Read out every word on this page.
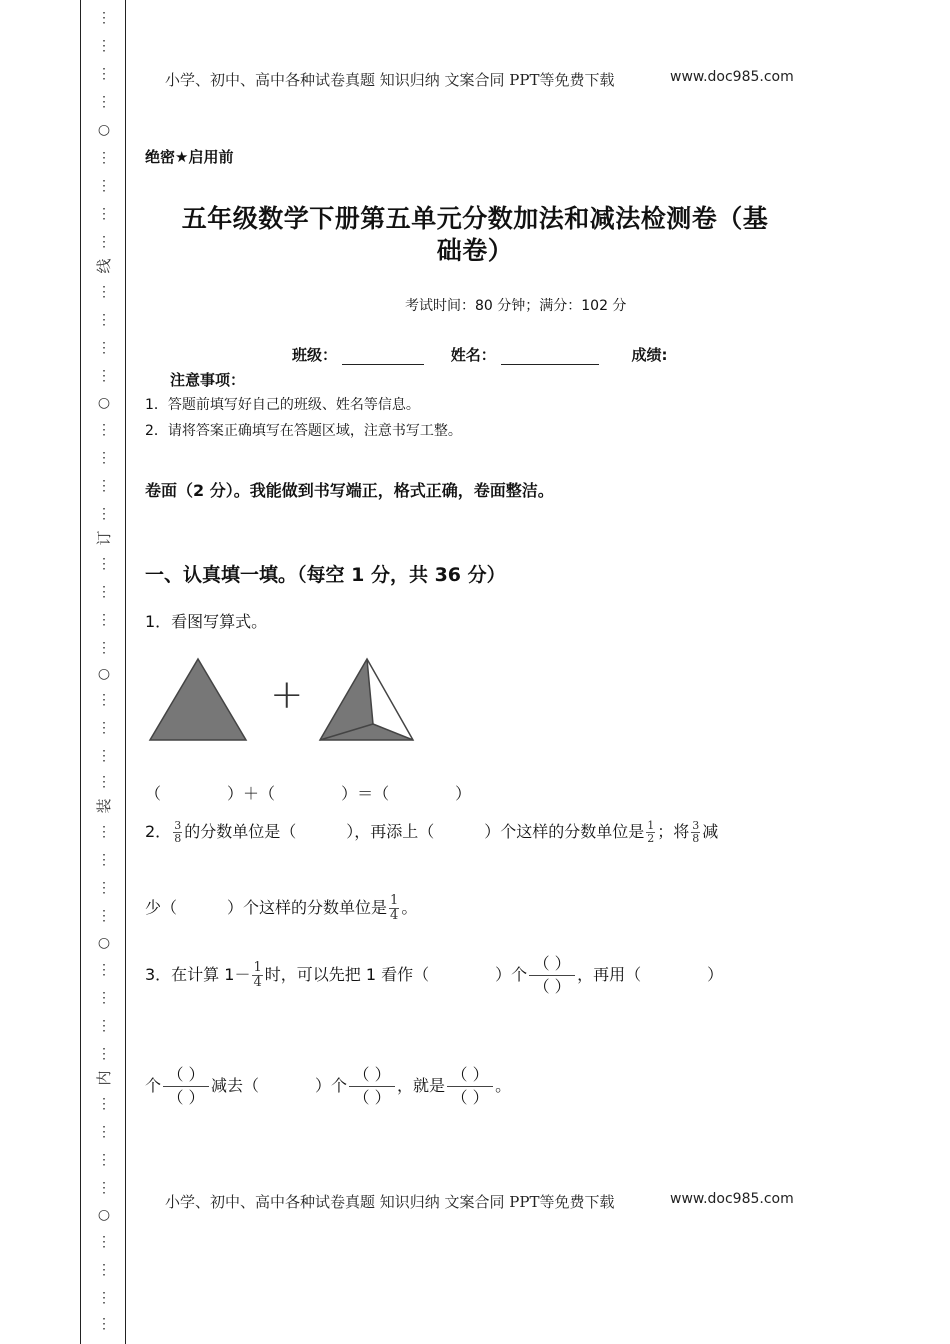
⋮
⋮
⋮
⋮
○
⋮
⋮
⋮
⋮
线
⋮
⋮
⋮
⋮
○
⋮
⋮
⋮
⋮
订
⋮
⋮
⋮
⋮
○
⋮
⋮
⋮
⋮
装
⋮
⋮
⋮
⋮
○
⋮
⋮
⋮
⋮
内
⋮
⋮
⋮
⋮
○
⋮
⋮
⋮
⋮
小学、初中、高中各种试卷真题 知识归纳 文案合同 PPT等免费下载	www.doc985.com
绝密★启用前
五年级数学下册第五单元分数加法和减法检测卷（基
础卷）
考试时间：80 分钟；满分：102 分
班级：	姓名：	成绩:
注意事项：
1．答题前填写好自己的班级、姓名等信息。
2．请将答案正确填写在答题区域，注意书写工整。
卷面（2 分）。我能做到书写端正，格式正确，卷面整洁。
一、认真填一填。（每空 1 分，共 36 分）
1．看图写算式。
+
（	）＋（	）＝（	）
2． $\frac{3}{8}$ 的分数单位是（	），再添上（	）个这样的分数单位是 $\frac{1}{2}$ ；将 $\frac{3}{8}$ 减
少（	）个这样的分数单位是 $\frac{1}{4}$ 。
3．在计算 $1- \frac{1}{4}$ 时，可以先把 1 看作（	）个
（ ）
（ ）
，再用（	）
个
（ ）
（ ）
减去（	）个
（ ）
（ ）
，就是
（ ）
（ ）
。
小学、初中、高中各种试卷真题 知识归纳 文案合同 PPT等免费下载	www.doc985.com
